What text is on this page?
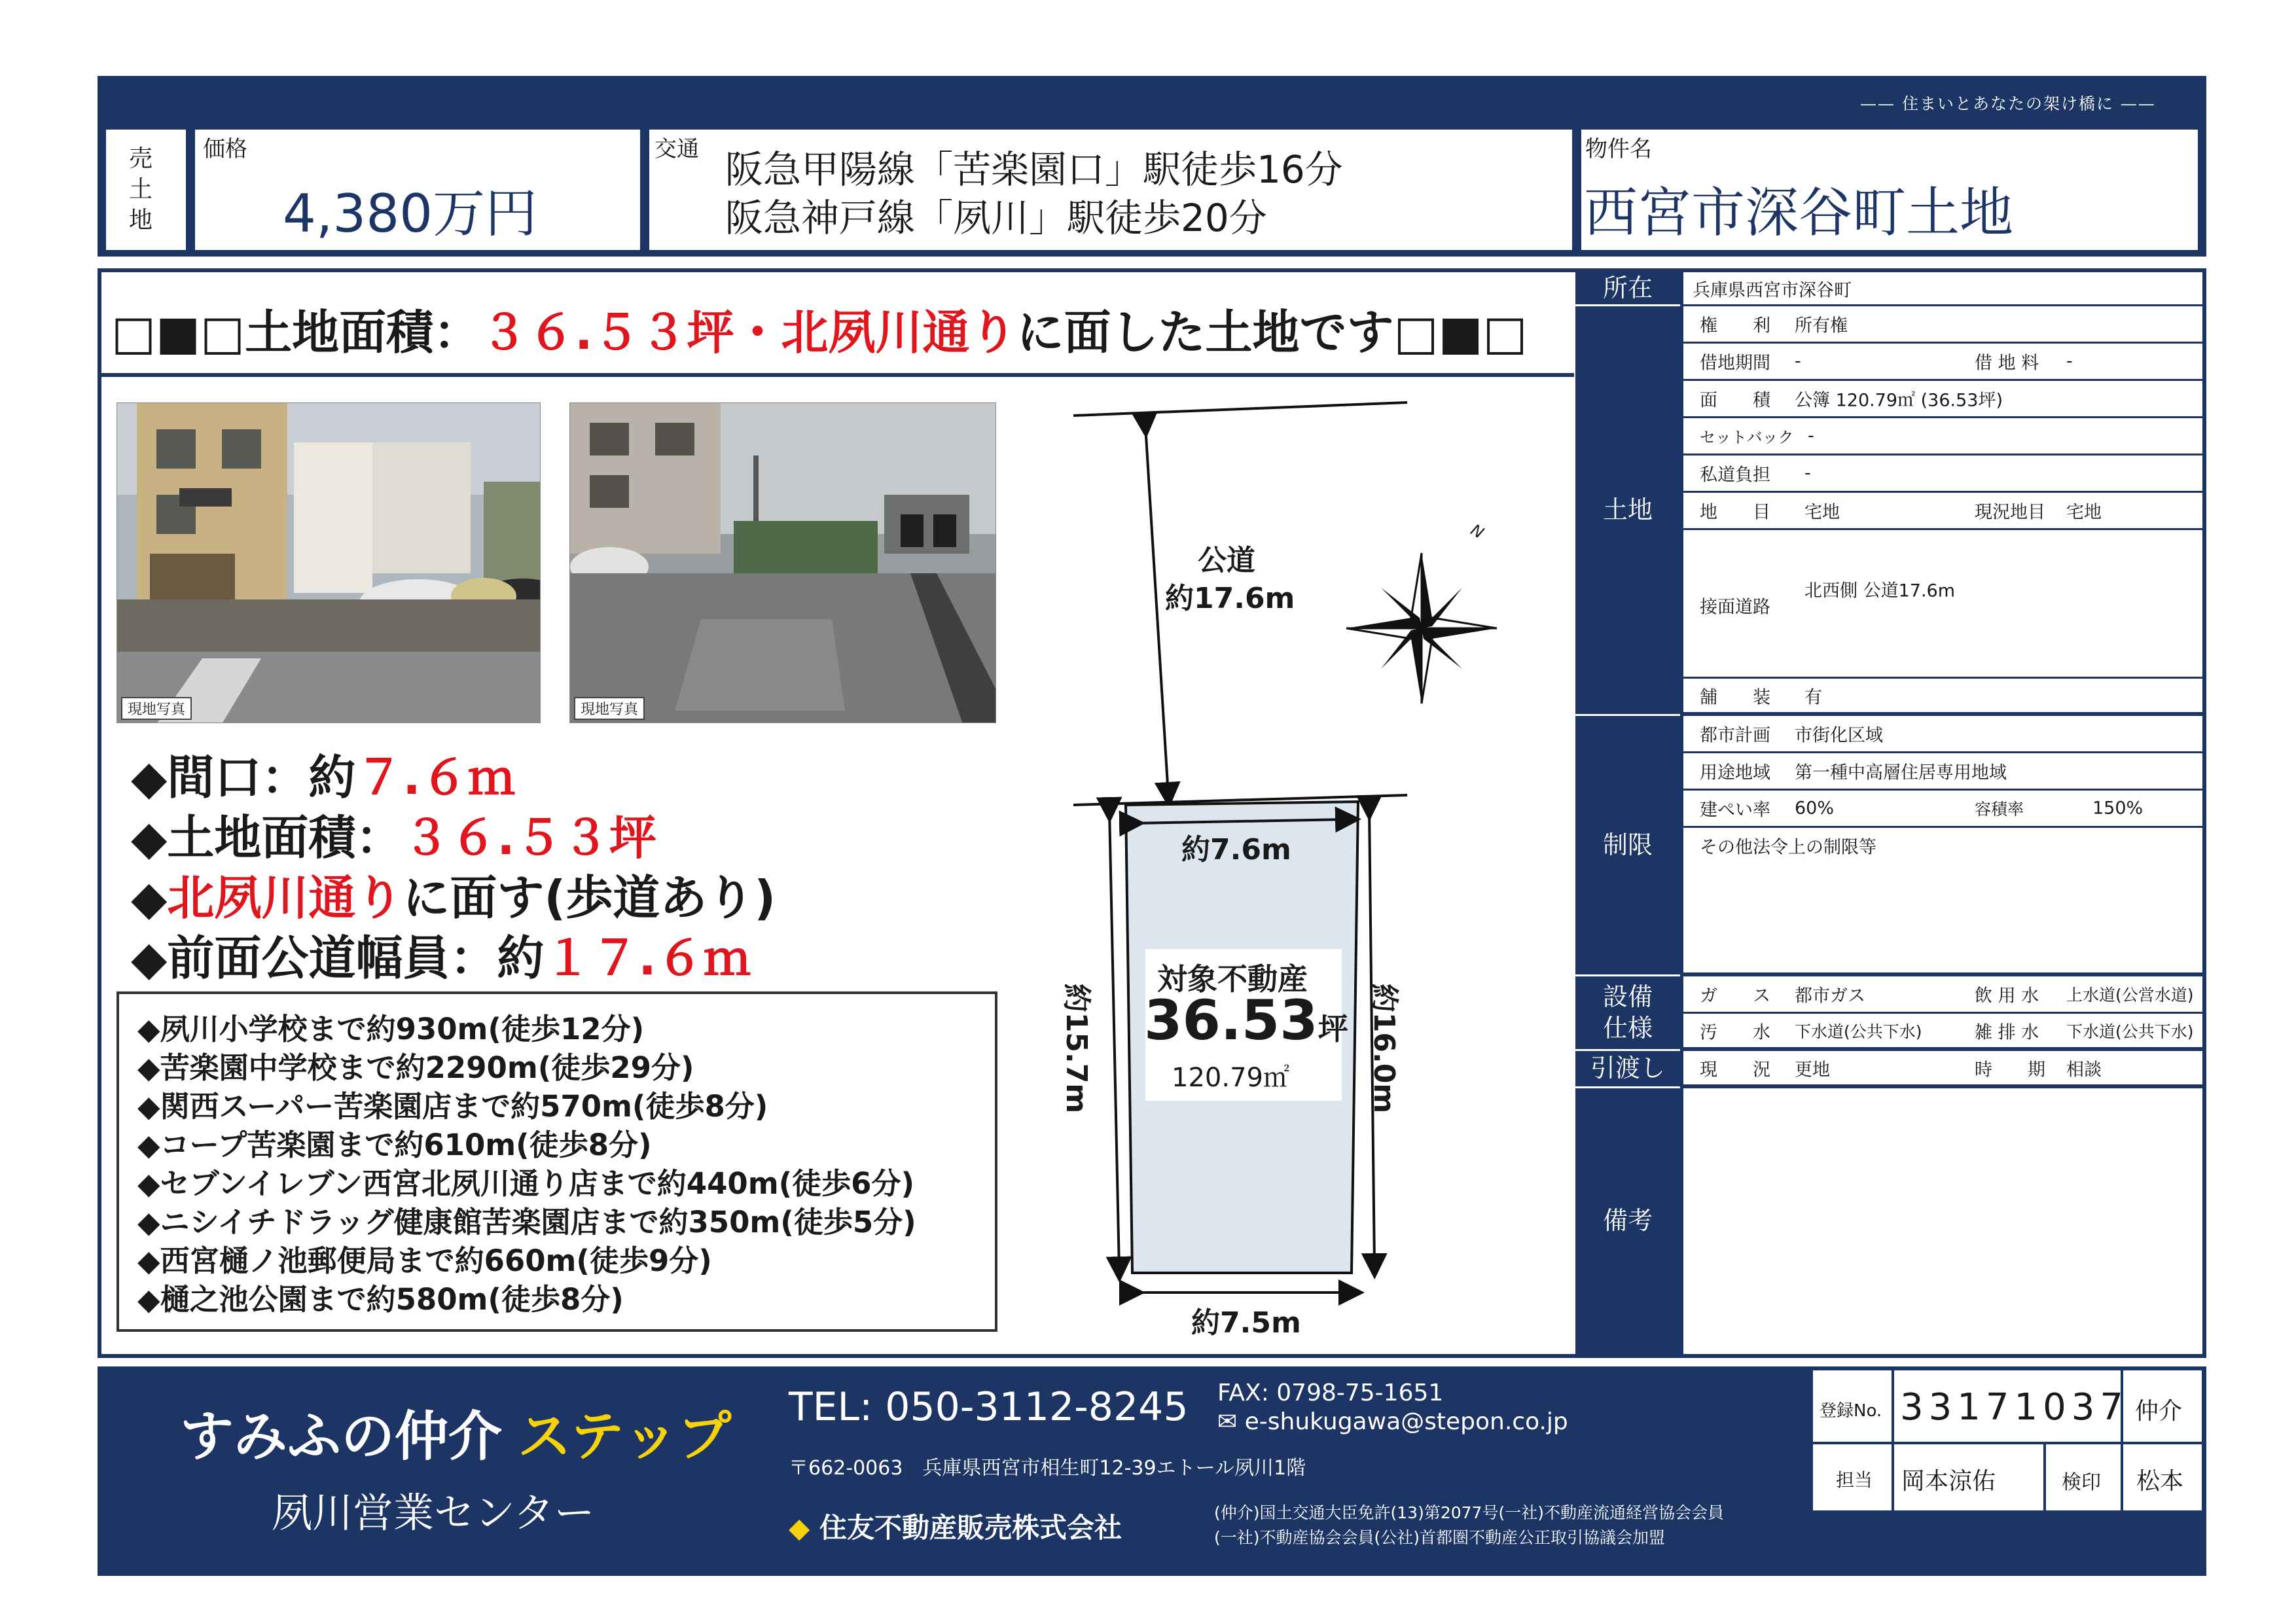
—— 住まいとあなたの架け橋に ——
売土地
価格
4,380万円
交通 阪急甲陽線「苦楽園口」駅徒歩16分
阪急神戸線「夙川」駅徒歩20分
物件名
西宮市深谷町土地
□■□土地面積：３６.５３坪・北夙川通りに面した土地です□■□
現地写真	現地写真
◆間口：約７.６ｍ
◆土地面積：３６.５３坪
◆北夙川通りに面す(歩道あり)
◆前面公道幅員：約１７.６ｍ
◆夙川小学校まで約930m(徒歩12分)
◆苦楽園中学校まで約2290m(徒歩29分)
◆関西スーパー苦楽園店まで約570m(徒歩8分)
◆コープ苦楽園まで約610m(徒歩8分)
◆セブンイレブン西宮北夙川通り店まで約440m(徒歩6分)
◆ニシイチドラッグ健康館苦楽園店まで約350m(徒歩5分)
◆西宮樋ノ池郵便局まで約660m(徒歩9分)
◆樋之池公園まで約580m(徒歩8分)
公道
約17.6m
N
約7.6m
約7.5m
約15.7m	約16.0m
対象不動産
36.53坪
120.79㎡
所在
土地
制限
設備仕様
引渡し
備考
兵庫県西宮市深谷町
権　　利 所有権
借地期間 -	借 地 料 -
面　　積 公簿 120.79㎡ (36.53坪)
セットバック -
私道負担 -
地　　目 宅地	現況地目 宅地
接面道路
北西側 公道17.6m
舗　　装 有
都市計画 市街化区域
用途地域 第一種中高層住居専用地域
建ぺい率 60%	容積率	150%
その他法令上の制限等
ガ　　ス 都市ガス	飲 用 水 上水道(公営水道)
汚　　水 下水道(公共下水)	雑 排 水 下水道(公共下水)
現　　況 更地	時　　期 相談
すみふの仲介 ステップ
夙川営業センター
TEL: 050-3112-8245 FAX: 0798-75-1651
✉ e-shukugawa@stepon.co.jp
〒662-0063　兵庫県西宮市相生町12-39エトール夙川1階
◆ 住友不動産販売株式会社	(仲介)国土交通大臣免許(13)第2077号(一社)不動産流通経営協会会員
(一社)不動産協会会員(公社)首都圏不動産公正取引協議会加盟
登録No. 33171037 仲介
担当 岡本涼佑	検印 松本
